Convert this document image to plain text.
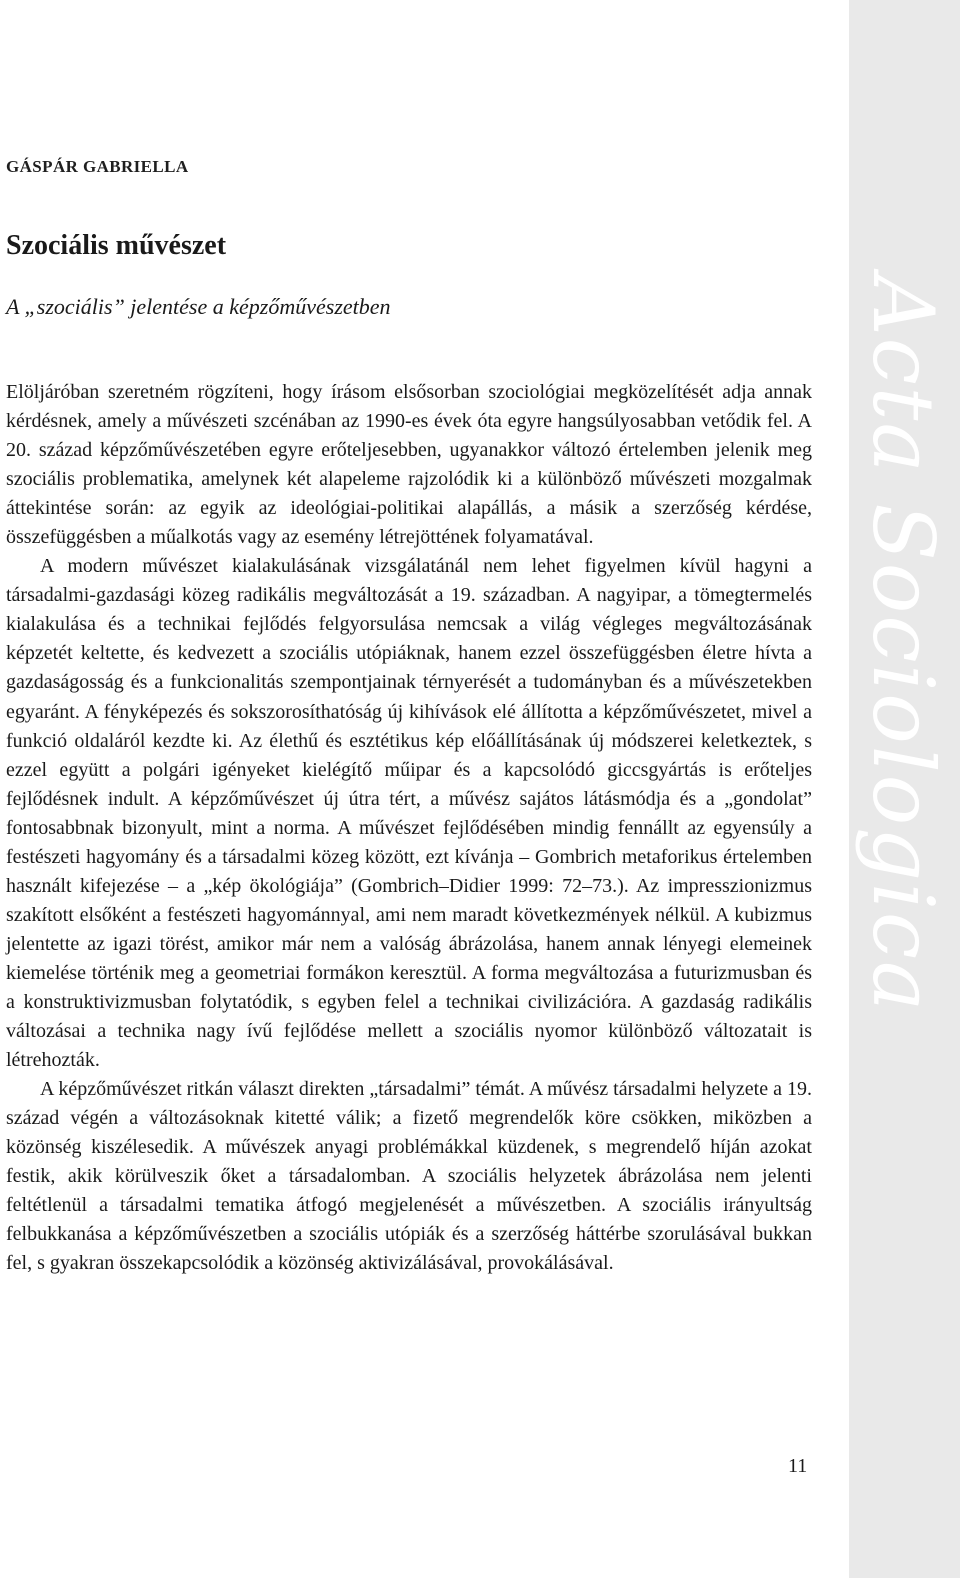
Acta Sociologica
GÁSPÁR GABRIELLA
Szociális művészet
A „szociális” jelentése a képzőművészetben

Elöljáróban szeretném rögzíteni, hogy írásom elsősorban szociológiai megközelítését adja annak kérdésnek, amely a művészeti szcénában az 1990-es évek óta egyre hangsúlyosabban vetődik fel. A 20. század képzőművészetében egyre erőteljesebben, ugyanakkor változó értelemben jelenik meg szociális problematika, amelynek két alapeleme rajzolódik ki a különböző művészeti mozgalmak áttekintése során: az egyik az ideológiai-politikai alapállás, a másik a szerzőség kérdése, összefüggésben a műalkotás vagy az esemény létrejöttének folyamatával.

A modern művészet kialakulásának vizsgálatánál nem lehet figyelmen kívül hagyni a társadalmi-gazdasági közeg radikális megváltozását a 19. században. A nagyipar, a tömegtermelés kialakulása és a technikai fejlődés felgyorsulása nemcsak a világ végleges megváltozásának képzetét keltette, és kedvezett a szociális utópiáknak, hanem ezzel összefüggésben életre hívta a gazdaságosság és a funkcionalitás szempontjainak térnyerését a tudományban és a művészetekben egyaránt. A fényképezés és sokszorosíthatóság új kihívások elé állította a képzőművészetet, mivel a funkció oldaláról kezdte ki. Az élethű és esztétikus kép előállításának új módszerei keletkeztek, s ezzel együtt a polgári igényeket kielégítő műipar és a kapcsolódó giccsgyártás is erőteljes fejlődésnek indult. A képzőművészet új útra tért, a művész sajátos látásmódja és a „gondolat” fontosabbnak bizonyult, mint a norma. A művészet fejlődésében mindig fennállt az egyensúly a festészeti hagyomány és a társadalmi közeg között, ezt kívánja – Gombrich metaforikus értelemben használt kifejezése – a „kép ökológiája” (Gombrich–Didier 1999: 72–73.). Az impresszionizmus szakított elsőként a festészeti hagyománnyal, ami nem maradt következmények nélkül. A kubizmus jelentette az igazi törést, amikor már nem a valóság ábrázolása, hanem annak lényegi elemeinek kiemelése történik meg a geometriai formákon keresztül. A forma megváltozása a futurizmusban és a konstruktivizmusban folytatódik, s egyben felel a technikai civilizációra. A gazdaság radikális változásai a technika nagy ívű fejlődése mellett a szociális nyomor különböző változatait is létrehozták.

A képzőművészet ritkán választ direkten „társadalmi” témát. A művész társadalmi helyzete a 19. század végén a változásoknak kitetté válik; a fizető megrendelők köre csökken, miközben a közönség kiszélesedik. A művészek anyagi problémákkal küzdenek, s megrendelő híján azokat festik, akik körülveszik őket a társadalomban. A szociális helyzetek ábrázolása nem jelenti feltétlenül a társadalmi tematika átfogó megjelenését a művészetben. A szociális irányultság felbukkanása a képzőművészetben a szociális utópiák és a szerzőség háttérbe szorulásával bukkan fel, s gyakran összekapcsolódik a közönség aktivizálásával, provokálásával.

11
